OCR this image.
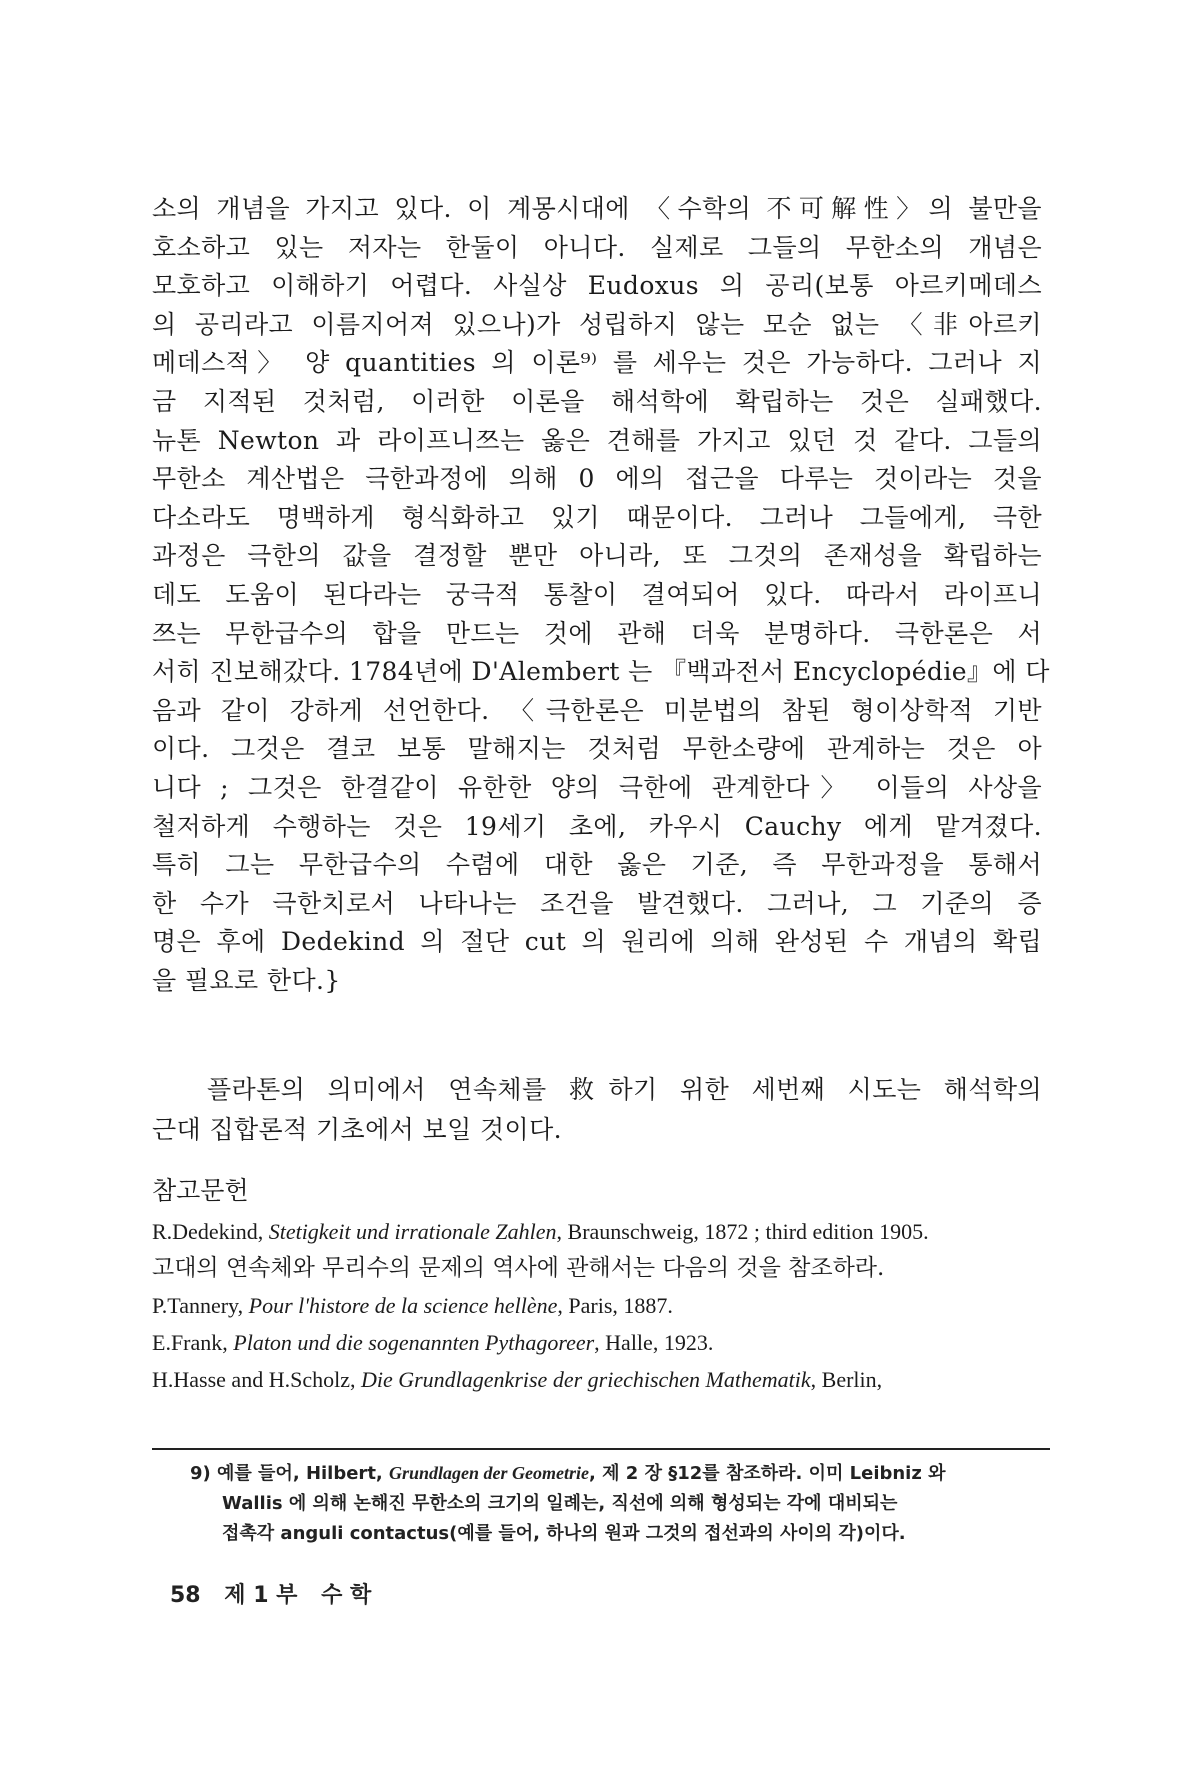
소의 개념을 가지고 있다. 이 계몽시대에 〈수학의 不可解性〉의 불만을
호소하고 있는 저자는 한둘이 아니다. 실제로 그들의 무한소의 개념은
모호하고 이해하기 어렵다. 사실상 Eudoxus 의 공리(보통 아르키메데스
의 공리라고 이름지어져 있으나)가 성립하지 않는 모순 없는 〈非아르키
메데스적〉 양 quantities 의 이론⁹⁾ 를 세우는 것은 가능하다. 그러나 지
금 지적된 것처럼, 이러한 이론을 해석학에 확립하는 것은 실패했다.
뉴톤 Newton 과 라이프니쯔는 옳은 견해를 가지고 있던 것 같다. 그들의
무한소 계산법은 극한과정에 의해 0 에의 접근을 다루는 것이라는 것을
다소라도 명백하게 형식화하고 있기 때문이다. 그러나 그들에게, 극한
과정은 극한의 값을 결정할 뿐만 아니라, 또 그것의 존재성을 확립하는
데도 도움이 된다라는 궁극적 통찰이 결여되어 있다. 따라서 라이프니
쯔는 무한급수의 합을 만드는 것에 관해 더욱 분명하다. 극한론은 서
서히 진보해갔다. 1784년에 D'Alembert 는 『백과전서 Encyclopédie』에 다
음과 같이 강하게 선언한다. 〈극한론은 미분법의 참된 형이상학적 기반
이다. 그것은 결코 보통 말해지는 것처럼 무한소량에 관계하는 것은 아
니다 ; 그것은 한결같이 유한한 양의 극한에 관계한다〉 이들의 사상을
철저하게 수행하는 것은 19세기 초에, 카우시 Cauchy 에게 맡겨졌다.
특히 그는 무한급수의 수렴에 대한 옳은 기준, 즉 무한과정을 통해서
한 수가 극한치로서 나타나는 조건을 발견했다. 그러나, 그 기준의 증
명은 후에 Dedekind 의 절단 cut 의 원리에 의해 완성된 수 개념의 확립
을 필요로 한다.}
플라톤의 의미에서 연속체를 救하기 위한 세번째 시도는 해석학의
근대 집합론적 기초에서 보일 것이다.
참고문헌
R.Dedekind, Stetigkeit und irrationale Zahlen, Braunschweig, 1872 ; third edition 1905.
고대의 연속체와 무리수의 문제의 역사에 관해서는 다음의 것을 참조하라.
P.Tannery, Pour l'histore de la science hellène, Paris, 1887.
E.Frank, Platon und die sogenannten Pythagoreer, Halle, 1923.
H.Hasse and H.Scholz, Die Grundlagenkrise der griechischen Mathematik, Berlin,
9) 예를 들어, Hilbert, Grundlagen der Geometrie, 제 2 장 §12를 참조하라. 이미 Leibniz 와
Wallis 에 의해 논해진 무한소의 크기의 일례는, 직선에 의해 형성되는 각에 대비되는
접촉각 anguli contactus(예를 들어, 하나의 원과 그것의 접선과의 사이의 각)이다.
58 제 1 부 수 학
